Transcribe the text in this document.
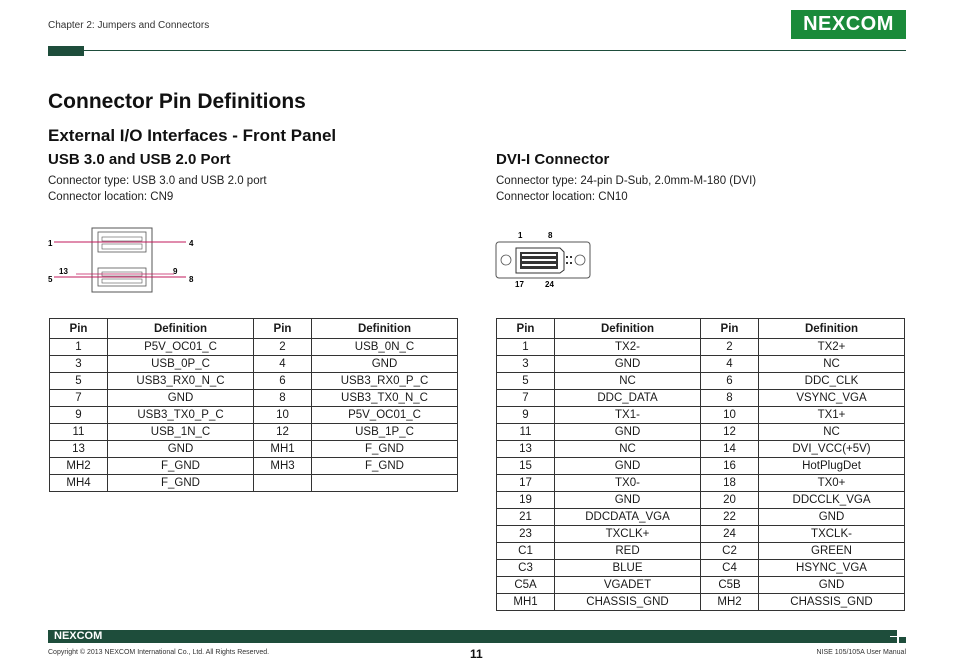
Chapter 2: Jumpers and Connectors	NEXCOM
Connector Pin Definitions
External I/O Interfaces - Front Panel
USB 3.0 and USB 2.0 Port
Connector type: USB 3.0 and USB 2.0 port
Connector location: CN9
DVI-I Connector
Connector type: 24-pin D-Sub, 2.0mm-M-180 (DVI)
Connector location: CN10
1	4
13	9
5	8
1	8
17	24
Pin	Definition	Pin	Definition
1	P5V_OC01_C	2	USB_0N_C
3	USB_0P_C	4	GND
5	USB3_RX0_N_C	6	USB3_RX0_P_C
7	GND	8	USB3_TX0_N_C
9	USB3_TX0_P_C	10	P5V_OC01_C
11	USB_1N_C	12	USB_1P_C
13	GND	MH1	F_GND
MH2	F_GND	MH3	F_GND
MH4	F_GND		
Pin	Definition	Pin	Definition
1	TX2-	2	TX2+
3	GND	4	NC
5	NC	6	DDC_CLK
7	DDC_DATA	8	VSYNC_VGA
9	TX1-	10	TX1+
11	GND	12	NC
13	NC	14	DVI_VCC(+5V)
15	GND	16	HotPlugDet
17	TX0-	18	TX0+
19	GND	20	DDCCLK_VGA
21	DDCDATA_VGA	22	GND
23	TXCLK+	24	TXCLK-
C1	RED	C2	GREEN
C3	BLUE	C4	HSYNC_VGA
C5A	VGADET	C5B	GND
MH1	CHASSIS_GND	MH2	CHASSIS_GND
NEXCOM
Copyright © 2013 NEXCOM International Co., Ltd. All Rights Reserved.	11	NISE 105/105A User Manual
